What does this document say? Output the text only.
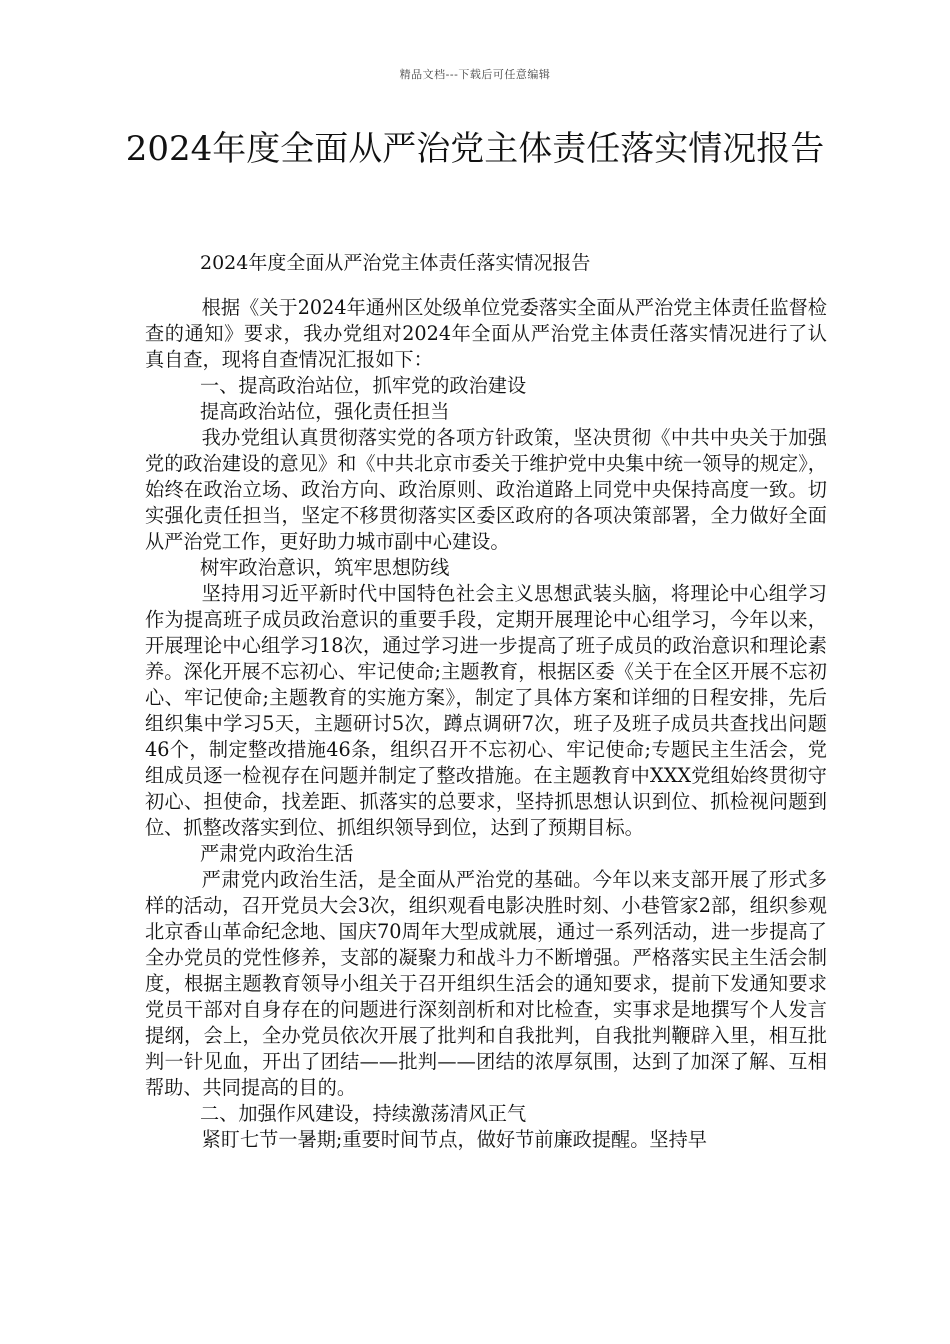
精品文档---下载后可任意编辑
2024年度全面从严治党主体责任落实情况报告
2024年度全面从严治党主体责任落实情况报告

根据《关于2024年通州区处级单位党委落实全面从严治党主体责任监督检查的通知》要求，我办党组对2024年全面从严治党主体责任落实情况进行了认真自查，现将自查情况汇报如下：

一、提高政治站位，抓牢党的政治建设

提高政治站位，强化责任担当

我办党组认真贯彻落实党的各项方针政策，坚决贯彻《中共中央关于加强党的政治建设的意见》和《中共北京市委关于维护党中央集中统一领导的规定》，始终在政治立场、政治方向、政治原则、政治道路上同党中央保持高度一致。切实强化责任担当，坚定不移贯彻落实区委区政府的各项决策部署，全力做好全面从严治党工作，更好助力城市副中心建设。

树牢政治意识，筑牢思想防线

坚持用习近平新时代中国特色社会主义思想武装头脑，将理论中心组学习作为提高班子成员政治意识的重要手段，定期开展理论中心组学习，今年以来，开展理论中心组学习18次，通过学习进一步提高了班子成员的政治意识和理论素养。深化开展不忘初心、牢记使命;主题教育，根据区委《关于在全区开展不忘初心、牢记使命;主题教育的实施方案》，制定了具体方案和详细的日程安排，先后组织集中学习5天，主题研讨5次，蹲点调研7次，班子及班子成员共查找出问题46个，制定整改措施46条，组织召开不忘初心、牢记使命;专题民主生活会，党组成员逐一检视存在问题并制定了整改措施。在主题教育中XXX党组始终贯彻守初心、担使命，找差距、抓落实的总要求，坚持抓思想认识到位、抓检视问题到位、抓整改落实到位、抓组织领导到位，达到了预期目标。

严肃党内政治生活

严肃党内政治生活，是全面从严治党的基础。今年以来支部开展了形式多样的活动，召开党员大会3次，组织观看电影决胜时刻、小巷管家2部，组织参观北京香山革命纪念地、国庆70周年大型成就展，通过一系列活动，进一步提高了全办党员的党性修养，支部的凝聚力和战斗力不断增强。严格落实民主生活会制度，根据主题教育领导小组关于召开组织生活会的通知要求，提前下发通知要求党员干部对自身存在的问题进行深刻剖析和对比检查，实事求是地撰写个人发言提纲，会上，全办党员依次开展了批判和自我批判，自我批判鞭辟入里，相互批判一针见血，开出了团结——批判——团结的浓厚氛围，达到了加深了解、互相帮助、共同提高的目的。

二、加强作风建设，持续激荡清风正气

紧盯七节一暑期;重要时间节点，做好节前廉政提醒。坚持早
